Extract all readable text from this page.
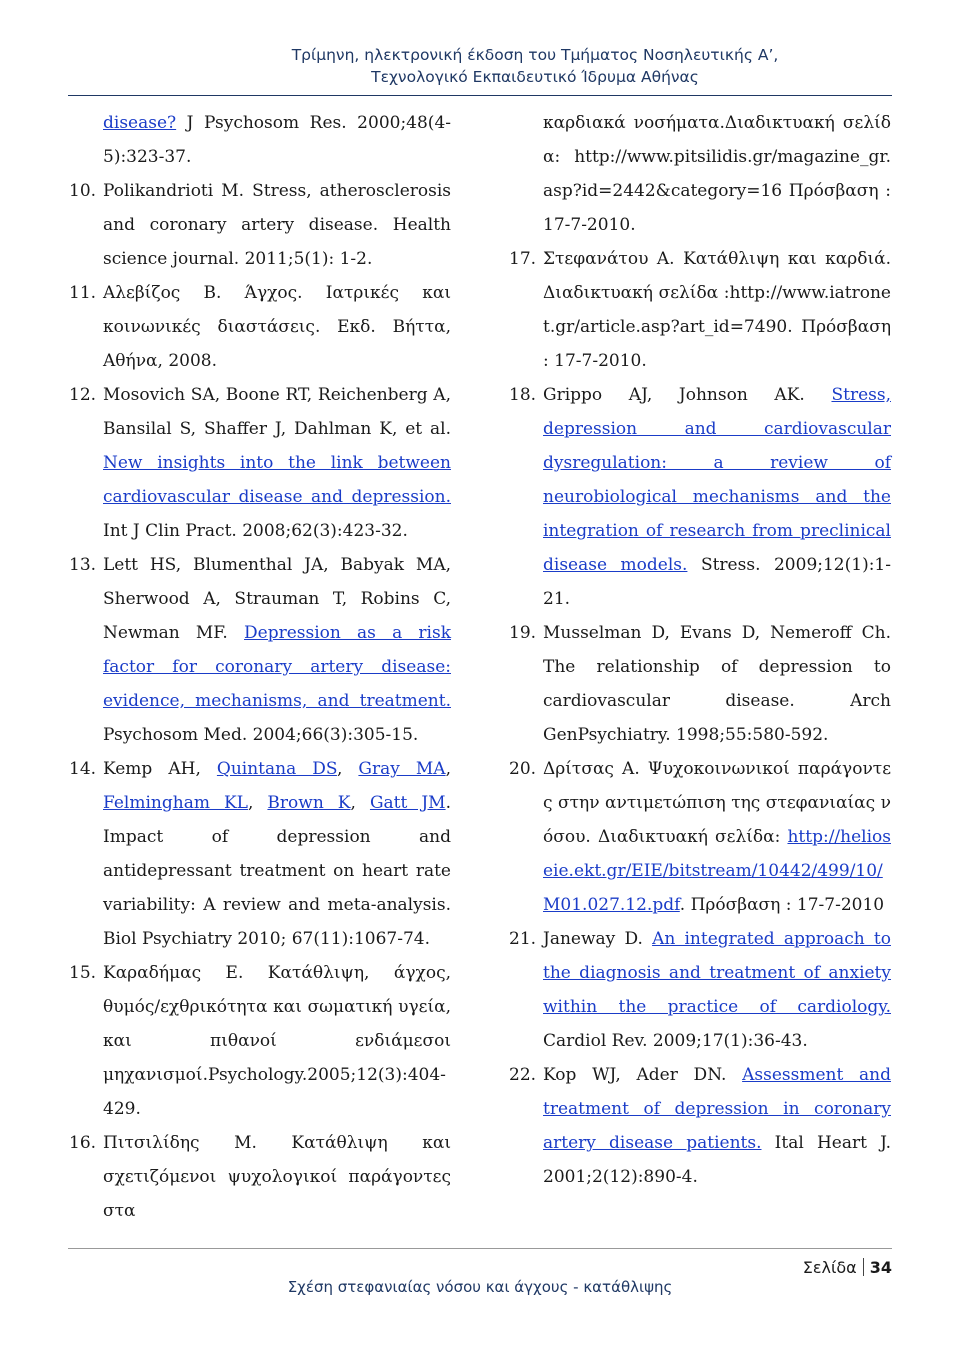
Τρίμηνη, ηλεκτρονική έκδοση του Τμήματος Νοσηλευτικής Α’,
Τεχνολογικό Εκπαιδευτικό Ίδρυμα Αθήνας
disease? J Psychosom Res. 2000;48(4-5):323-37.
10. Polikandrioti M. Stress, atherosclerosis and coronary artery disease. Health science journal. 2011;5(1): 1-2.
11. Αλεβίζος Β. Άγχος. Ιατρικές και κοινωνικές διαστάσεις. Εκδ. Βήττα, Αθήνα, 2008.
12. Mosovich SA, Boone RT, Reichenberg A, Bansilal S, Shaffer J, Dahlman K, et al. New insights into the link between cardiovascular disease and depression. Int J Clin Pract. 2008;62(3):423-32.
13. Lett HS, Blumenthal JA, Babyak MA, Sherwood A, Strauman T, Robins C, Newman MF. Depression as a risk factor for coronary artery disease: evidence, mechanisms, and treatment. Psychosom Med. 2004;66(3):305-15.
14. Kemp AH, Quintana DS, Gray MA, Felmingham KL, Brown K, Gatt JM. Impact of depression and antidepressant treatment on heart rate variability: A review and meta-analysis. Biol Psychiatry 2010; 67(11):1067-74.
15. Καραδήμας Ε. Κατάθλιψη, άγχος, θυμός/εχθρικότητα και σωματική υγεία, και πιθανοί ενδιάμεσοι μηχανισμοί.Psychology.2005;12(3):404-429.
16. Πιτσιλίδης Μ. Κατάθλιψη και σχετιζόμενοι ψυχολογικοί παράγοντες στα
καρδιακά νοσήματα.Διαδικτυακή σελίδα: http://www.pitsilidis.gr/magazine_gr.asp?id=2442&category=16 Πρόσβαση : 17-7-2010.
17. Στεφανάτου Α. Κατάθλιψη και καρδιά. Διαδικτυακή σελίδα :http://www.iatronet.gr/article.asp?art_id=7490. Πρόσβαση : 17-7-2010.
18. Grippo AJ, Johnson AK. Stress, depression and cardiovascular dysregulation: a review of neurobiological mechanisms and the integration of research from preclinical disease models. Stress. 2009;12(1):1-21.
19. Musselman D, Evans D, Nemeroff Ch. The relationship of depression to cardiovascular disease. Arch GenPsychiatry. 1998;55:580-592.
20. Δρίτσας Α. Ψυχοκοινωνικοί παράγοντες στην αντιμετώπιση της στεφανιαίας νόσου. Διαδικτυακή σελίδα: http://helioseie.ekt.gr/EIE/bitstream/10442/499/10/M01.027.12.pdf. Πρόσβαση : 17-7-2010
21. Janeway D. An integrated approach to the diagnosis and treatment of anxiety within the practice of cardiology. Cardiol Rev. 2009;17(1):36-43.
22. Kop WJ, Ader DN. Assessment and treatment of depression in coronary artery disease patients. Ital Heart J. 2001;2(12):890-4.
Σελίδα 34
Σχέση στεφανιαίας νόσου και άγχους - κατάθλιψης
